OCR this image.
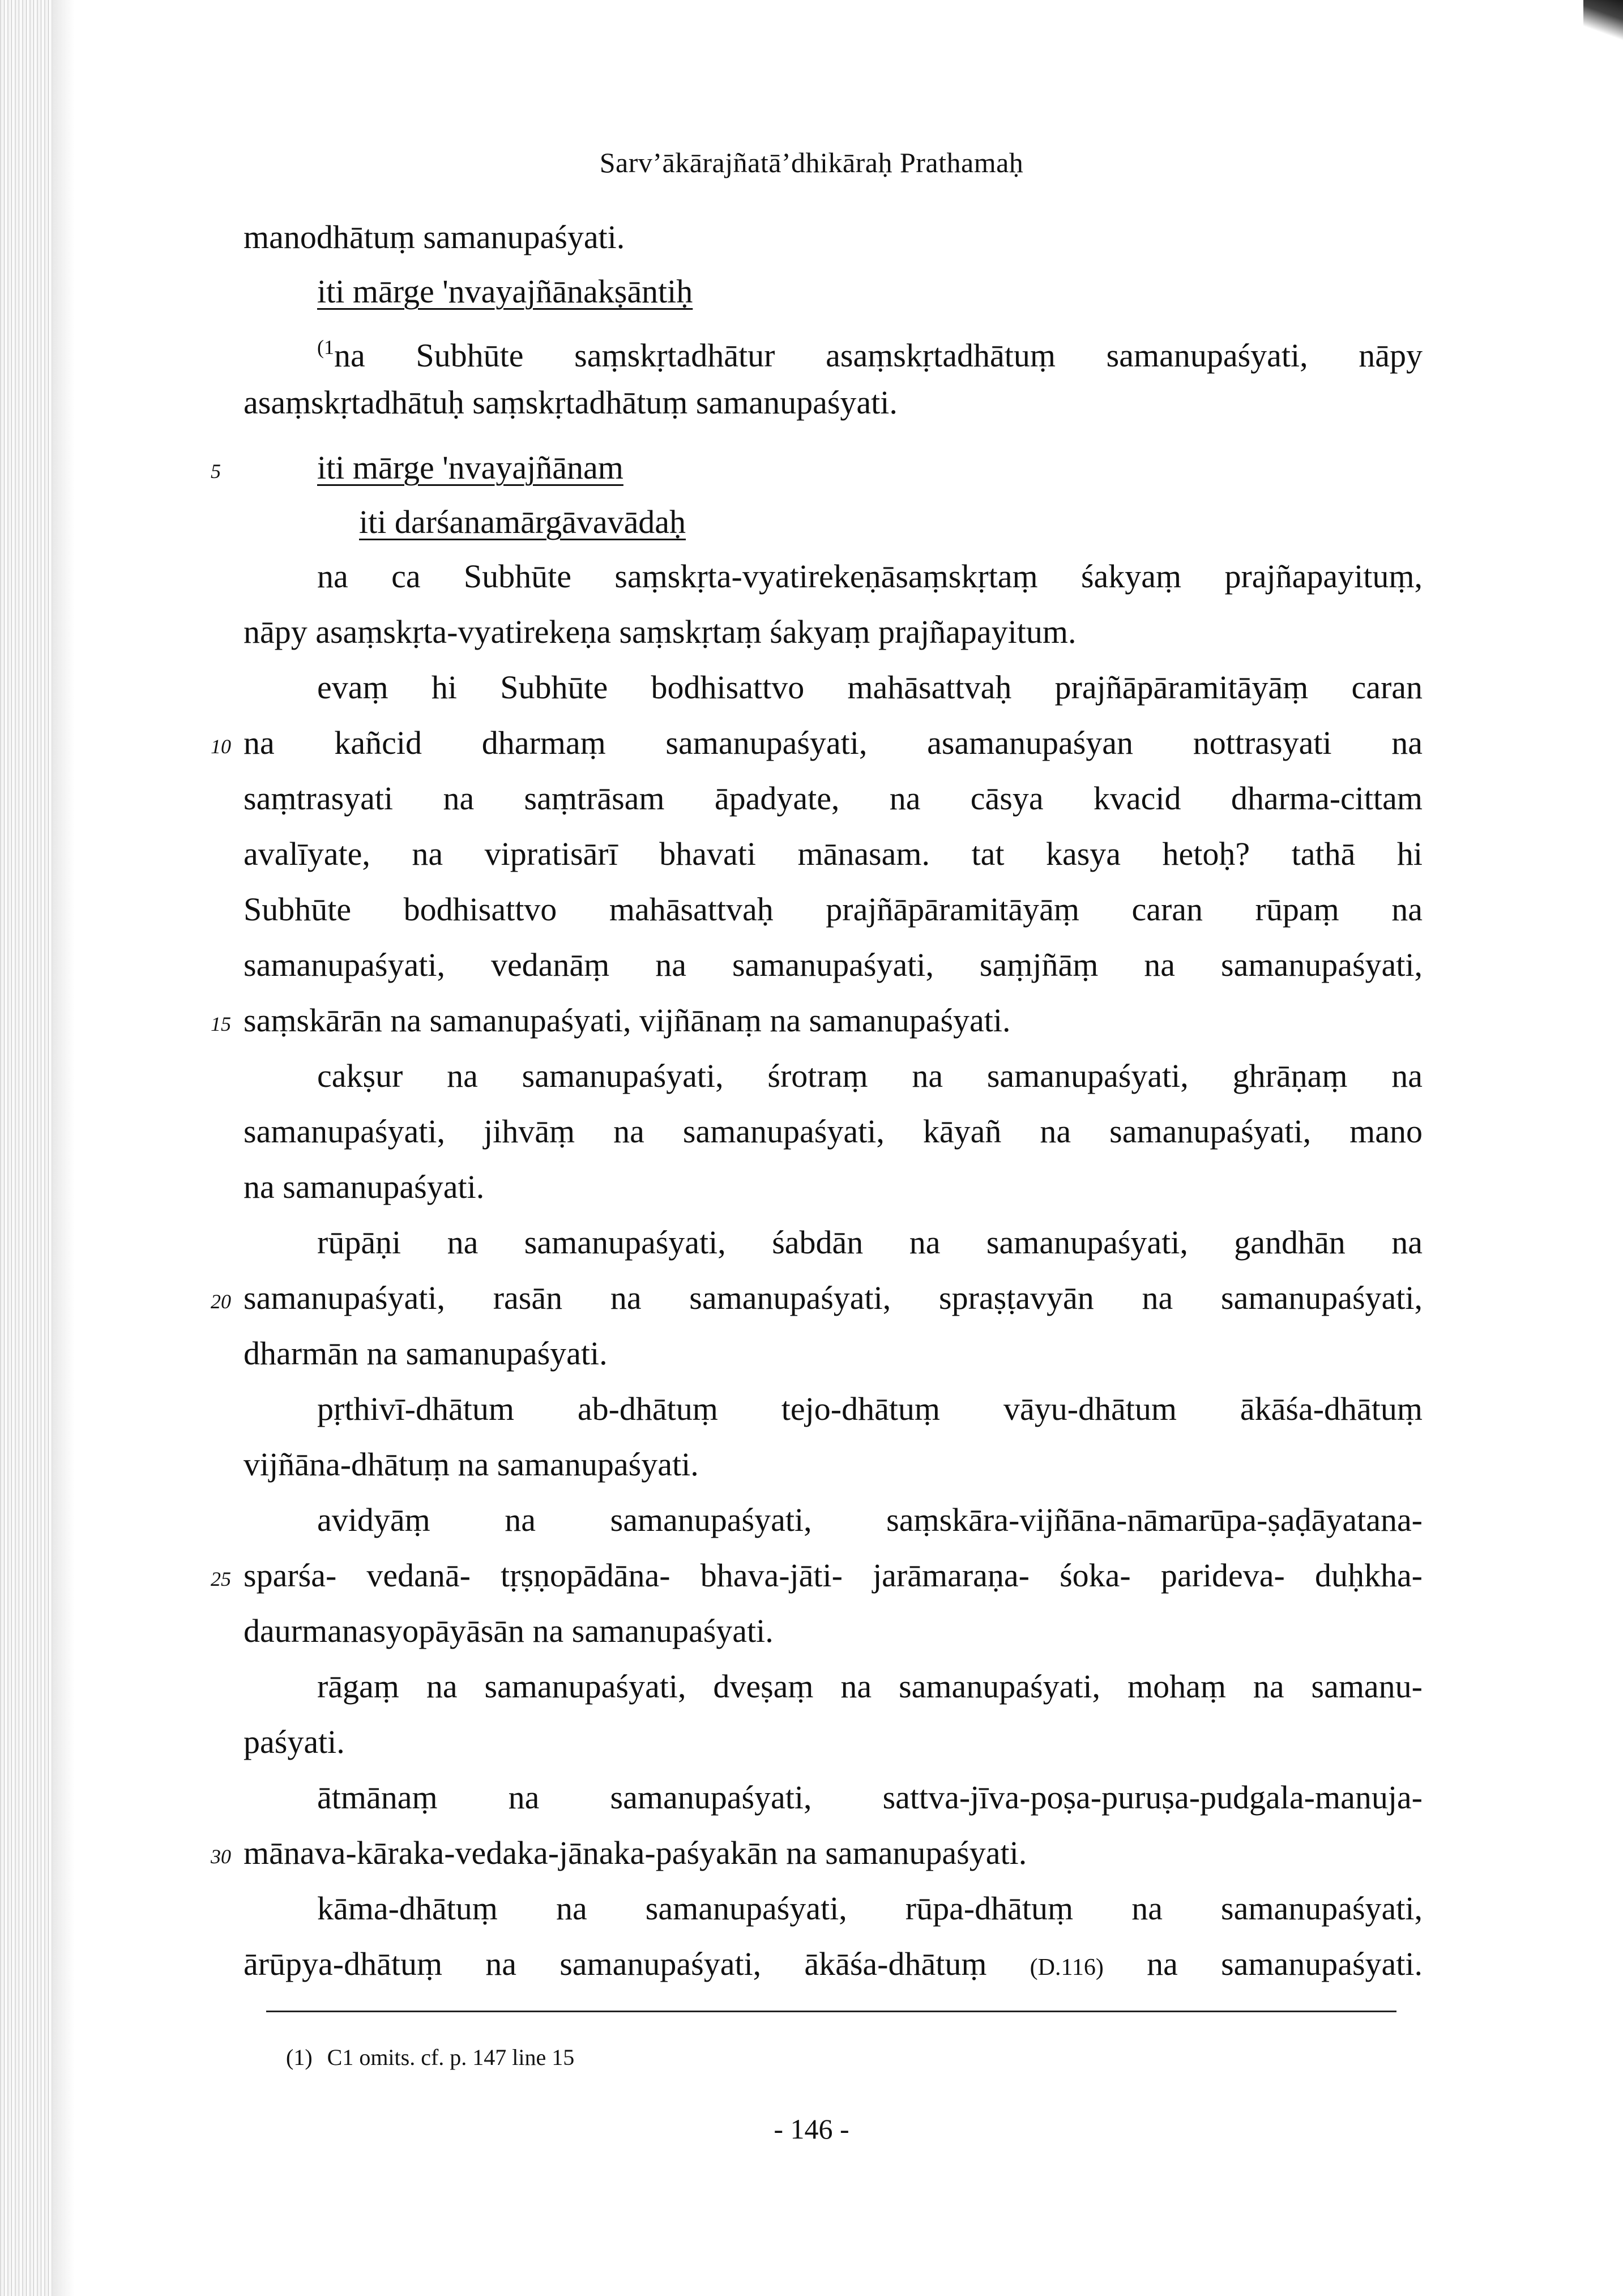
Sarv’ākārajñatā’dhikāraḥ Prathamaḥ
manodhātuṃ samanupaśyati.
iti mārge 'nvayajñānakṣāntiḥ
$^{(1}$na Subhūte saṃskṛtadhātur asaṃskṛtadhātuṃ samanupaśyati, nāpy
asaṃskṛtadhātuḥ saṃskṛtadhātuṃ samanupaśyati.
iti mārge 'nvayajñānam
iti darśanamārgāvavādaḥ
na ca Subhūte saṃskṛta-vyatirekeṇāsaṃskṛtaṃ śakyaṃ prajñapayituṃ,
nāpy asaṃskṛta-vyatirekeṇa saṃskṛtaṃ śakyaṃ prajñapayitum.
evaṃ hi Subhūte bodhisattvo mahāsattvaḥ prajñāpāramitāyāṃ caran
na kañcid dharmaṃ samanupaśyati, asamanupaśyan nottrasyati na
saṃtrasyati na saṃtrāsam āpadyate, na cāsya kvacid dharma-cittam
avalīyate, na vipratisārī bhavati mānasam. tat kasya hetoḥ? tathā hi
Subhūte bodhisattvo mahāsattvaḥ prajñāpāramitāyāṃ caran rūpaṃ na
samanupaśyati, vedanāṃ na samanupaśyati, saṃjñāṃ na samanupaśyati,
saṃskārān na samanupaśyati, vijñānaṃ na samanupaśyati.
cakṣur na samanupaśyati, śrotraṃ na samanupaśyati, ghrāṇaṃ na
samanupaśyati, jihvāṃ na samanupaśyati, kāyañ na samanupaśyati, mano
na samanupaśyati.
rūpāṇi na samanupaśyati, śabdān na samanupaśyati, gandhān na
samanupaśyati, rasān na samanupaśyati, spraṣṭavyān na samanupaśyati,
dharmān na samanupaśyati.
pṛthivī-dhātum ab-dhātuṃ tejo-dhātuṃ vāyu-dhātum ākāśa-dhātuṃ
vijñāna-dhātuṃ na samanupaśyati.
avidyāṃ na samanupaśyati, saṃskāra-vijñāna-nāmarūpa-ṣaḍāyatana-
sparśa- vedanā- tṛṣṇopādāna- bhava-jāti- jarāmaraṇa- śoka- parideva- duḥkha-
daurmanasyopāyāsān na samanupaśyati.
rāgaṃ na samanupaśyati, dveṣaṃ na samanupaśyati, mohaṃ na samanu-
paśyati.
ātmānaṃ na samanupaśyati, sattva-jīva-poṣa-puruṣa-pudgala-manuja-
mānava-kāraka-vedaka-jānaka-paśyakān na samanupaśyati.
kāma-dhātuṃ na samanupaśyati, rūpa-dhātuṃ na samanupaśyati,
ārūpya-dhātuṃ na samanupaśyati, ākāśa-dhātuṃ (D.116) na samanupaśyati.
5
10
15
20
25
30
(1) C1 omits. cf. p. 147 line 15
- 146 -
